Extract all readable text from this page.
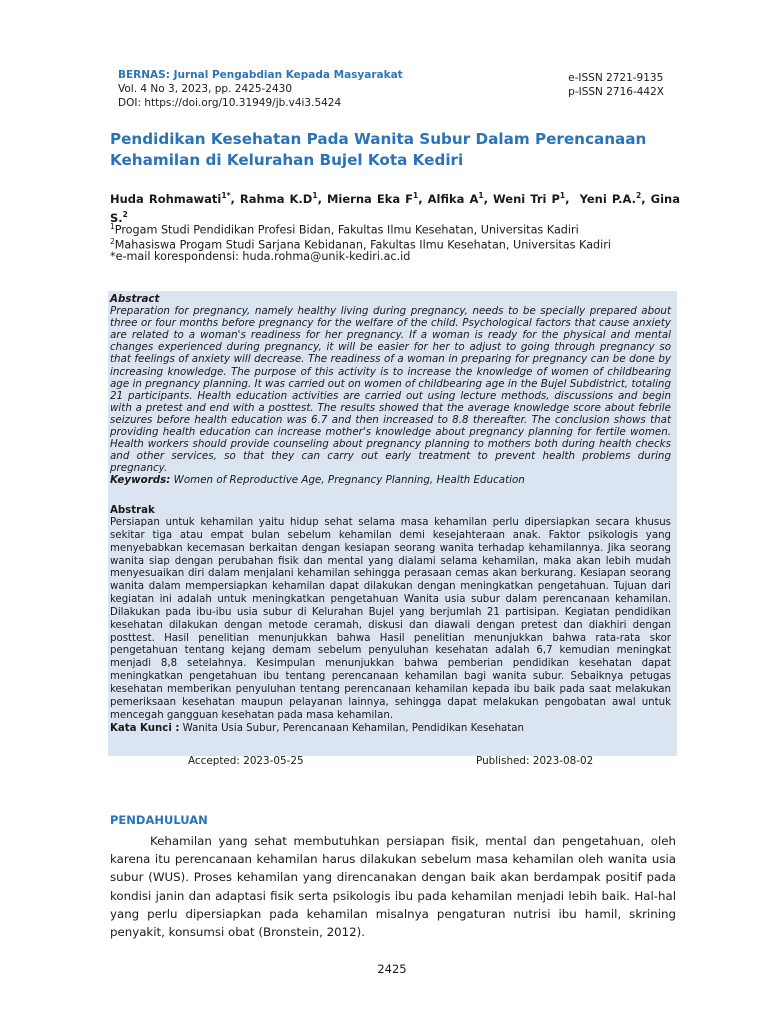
BERNAS: Jurnal Pengabdian Kepada Masyarakat
Vol. 4 No 3, 2023, pp. 2425-2430
DOI: https://doi.org/10.31949/jb.v4i3.5424
e-ISSN 2721-9135
p-ISSN 2716-442X
Pendidikan Kesehatan Pada Wanita Subur Dalam Perencanaan Kehamilan di Kelurahan Bujel Kota Kediri
Huda Rohmawati$^{1*}$, Rahma $K.D^1$, Mierna Eka $F^1$, Alfika $A^1$, Weni Tri $P^1$,  Yeni P.A.$^2$, Gina S.$^2$
$^1$Progam Studi Pendidikan Profesi Bidan, Fakultas Ilmu Kesehatan, Universitas Kadiri
$^2$Mahasiswa Progam Studi Sarjana Kebidanan, Fakultas Ilmu Kesehatan, Universitas Kadiri
*e-mail korespondensi: huda.rohma@unik-kediri.ac.id
Abstract
Preparation for pregnancy, namely healthy living during pregnancy, needs to be specially prepared about three or four months before pregnancy for the welfare of the child. Psychological factors that cause anxiety are related to a woman's readiness for her pregnancy. If a woman is ready for the physical and mental changes experienced during pregnancy, it will be easier for her to adjust to going through pregnancy so that feelings of anxiety will decrease. The readiness of a woman in preparing for pregnancy can be done by increasing knowledge. The purpose of this activity is to increase the knowledge of women of childbearing age in pregnancy planning. It was carried out on women of childbearing age in the Bujel Subdistrict, totaling 21 participants. Health education activities are carried out using lecture methods, discussions and begin with a pretest and end with a posttest. The results showed that the average knowledge score about febrile seizures before health education was 6.7 and then increased to 8.8 thereafter. The conclusion shows that providing health education can increase mother's knowledge about pregnancy planning for fertile women. Health workers should provide counseling about pregnancy planning to mothers both during health checks and other services, so that they can carry out early treatment to prevent health problems during pregnancy.
Keywords: Women of Reproductive Age, Pregnancy Planning, Health Education
Abstrak
Persiapan untuk kehamilan yaitu hidup sehat selama masa kehamilan perlu dipersiapkan secara khusus sekitar tiga atau empat bulan sebelum kehamilan demi kesejahteraan anak. Faktor psikologis yang menyebabkan kecemasan berkaitan dengan kesiapan seorang wanita terhadap kehamilannya. Jika seorang wanita siap dengan perubahan fisik dan mental yang dialami selama kehamilan, maka akan lebih mudah menyesuaikan diri dalam menjalani kehamilan sehingga perasaan cemas akan berkurang. Kesiapan seorang wanita dalam mempersiapkan kehamilan dapat dilakukan dengan meningkatkan pengetahuan. Tujuan dari kegiatan ini adalah untuk meningkatkan pengetahuan Wanita usia subur dalam perencanaan kehamilan. Dilakukan pada ibu-ibu usia subur di Kelurahan Bujel yang berjumlah 21 partisipan. Kegiatan pendidikan kesehatan dilakukan dengan metode ceramah, diskusi dan diawali dengan pretest dan diakhiri dengan posttest. Hasil penelitian menunjukkan bahwa Hasil penelitian menunjukkan bahwa rata-rata skor pengetahuan tentang kejang demam sebelum penyuluhan kesehatan adalah 6,7 kemudian meningkat menjadi 8,8 setelahnya. Kesimpulan menunjukkan bahwa pemberian pendidikan kesehatan dapat meningkatkan pengetahuan ibu tentang perencanaan kehamilan bagi wanita subur. Sebaiknya petugas kesehatan memberikan penyuluhan tentang perencanaan kehamilan kepada ibu baik pada saat melakukan pemeriksaan kesehatan maupun pelayanan lainnya, sehingga dapat melakukan pengobatan awal untuk mencegah gangguan kesehatan pada masa kehamilan.
Kata Kunci : Wanita Usia Subur, Perencanaan Kehamilan, Pendidikan Kesehatan
Accepted: 2023-05-25	Published: 2023-08-02
PENDAHULUAN
Kehamilan yang sehat membutuhkan persiapan fisik, mental dan pengetahuan, oleh karena itu perencanaan kehamilan harus dilakukan sebelum masa kehamilan oleh wanita usia subur (WUS). Proses kehamilan yang direncanakan dengan baik akan berdampak positif pada kondisi janin dan adaptasi fisik serta psikologis ibu pada kehamilan menjadi lebih baik. Hal-hal yang perlu dipersiapkan pada kehamilan misalnya pengaturan nutrisi ibu hamil, skrining penyakit, konsumsi obat (Bronstein, 2012).
2425
